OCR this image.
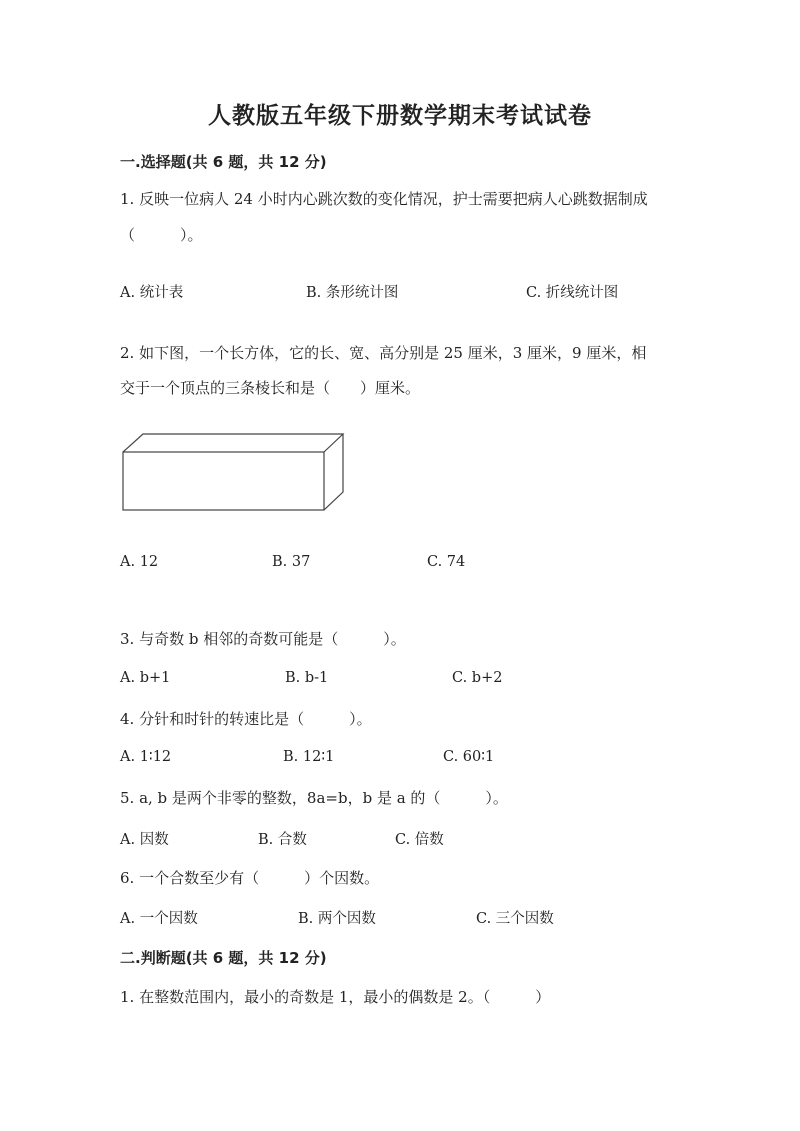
人教版五年级下册数学期末考试试卷
一.选择题(共 6 题，共 12 分)
1. 反映一位病人 24 小时内心跳次数的变化情况，护士需要把病人心跳数据制成
（　　　）。
A. 统计表	B. 条形统计图	C. 折线统计图
2. 如下图，一个长方体，它的长、宽、高分别是 25 厘米，3 厘米，9 厘米，相
交于一个顶点的三条棱长和是（　　）厘米。
A. 12	B. 37	C. 74
3. 与奇数 b 相邻的奇数可能是（　　　）。
A. b+1	B. b-1	C. b+2
4. 分针和时针的转速比是（　　　）。
A. 1∶12	B. 12∶1	C. 60∶1
5. a, b 是两个非零的整数，8a=b，b 是 a 的（　　　）。
A. 因数	B. 合数	C. 倍数
6. 一个合数至少有（　　　）个因数。
A. 一个因数	B. 两个因数	C. 三个因数
二.判断题(共 6 题，共 12 分)
1. 在整数范围内，最小的奇数是 1，最小的偶数是 2。（　　　）
